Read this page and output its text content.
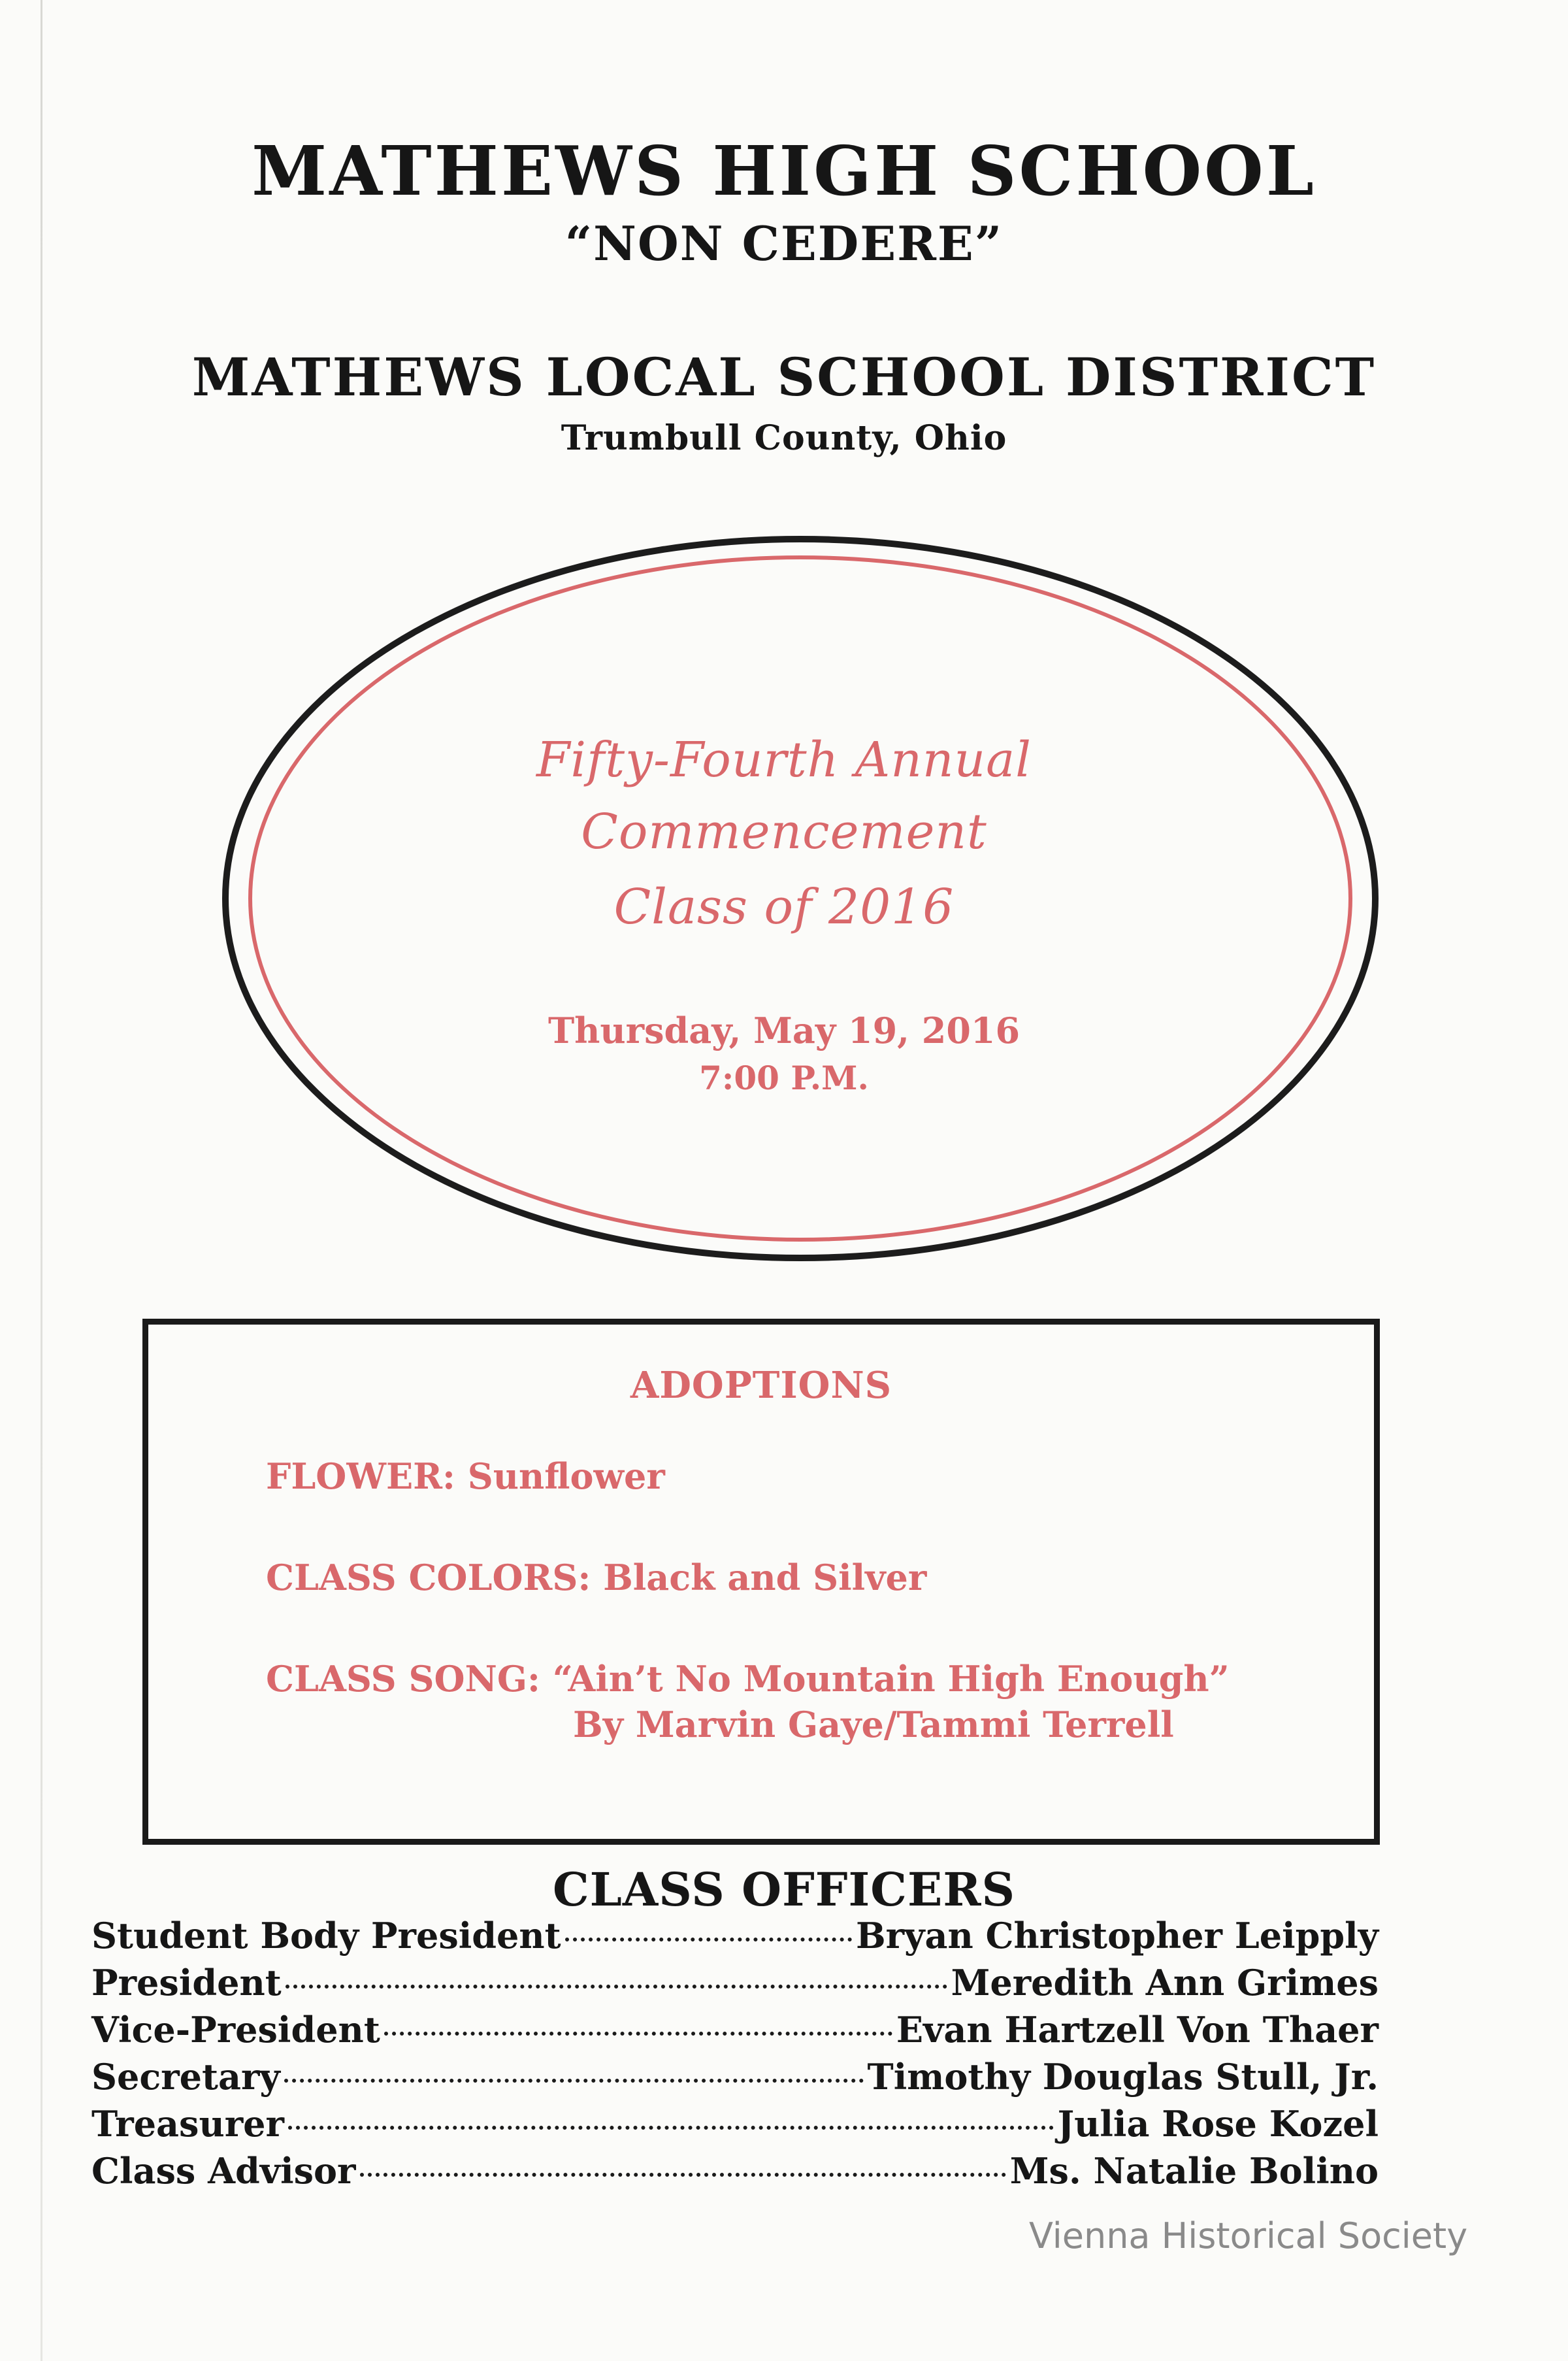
MATHEWS HIGH SCHOOL
“NON CEDERE”
MATHEWS LOCAL SCHOOL DISTRICT
Trumbull County, Ohio
Fifty-Fourth Annual
Commencement
Class of 2016
Thursday, May 19, 2016
7:00 P.M.
ADOPTIONS
FLOWER: Sunflower
CLASS COLORS: Black and Silver
CLASS SONG: “Ain’t No Mountain High Enough”
By Marvin Gaye/Tammi Terrell
CLASS OFFICERS
Student Body President	Bryan Christopher Leipply
President	Meredith Ann Grimes
Vice-President	Evan Hartzell Von Thaer
Secretary	Timothy Douglas Stull, Jr.
Treasurer	Julia Rose Kozel
Class Advisor	Ms. Natalie Bolino
Vienna Historical Society
